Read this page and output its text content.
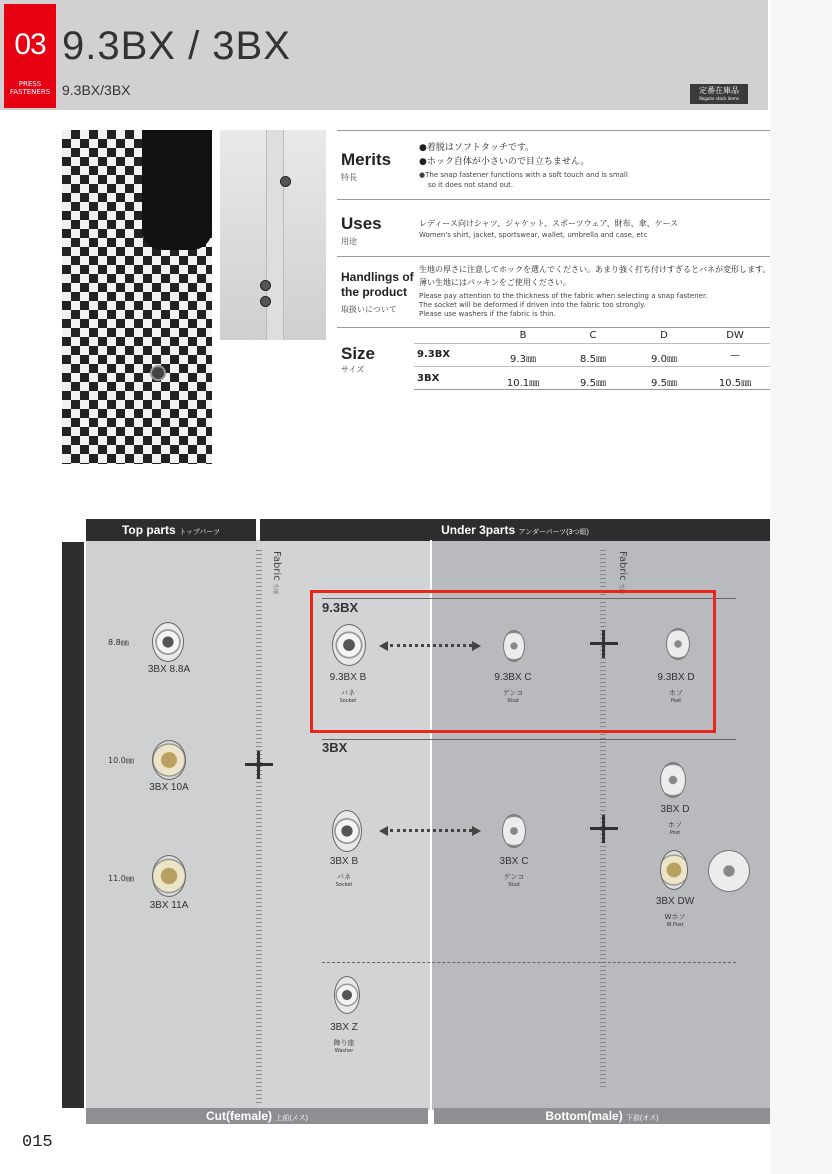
03
PRESS
FASTENERS
9.3BX / 3BX
9.3BX/3BX	定番在庫品
Regular stock items
Merits
特長
●着脱はソフトタッチです。
●ホック自体が小さいので目立ちません。
●The snap fastener functions with a soft touch and is small
so it does not stand out.
Uses
用途
レディース向けシャツ、ジャケット、スポーツウェア、財布、傘、ケース
Women's shirt, jacket, sportswear, wallet, umbrella and case, etc
Handlings of
the product
取扱いについて
生地の厚さに注意してホックを選んでください。あまり強く打ち付けすぎるとバネが変形します。
薄い生地にはパッキンをご使用ください。
Please pay attention to the thickness of the fabric when selecting a snap fastener.
The socket will be deformed if driven into the fabric too strongly.
Please use washers if the fabric is thin.
Size
サイズ
B	C	D	DW
9.3BX	9.3㎜	8.5㎜	9.0㎜	—
3BX	10.1㎜	9.5㎜	9.5㎜	10.5㎜
Top parts トップパーツ	Under 3parts アンダーパーツ(3つ組)
Capped prong キャップ
Fabric 生地
Fabric 生地
9.3BX
3BX
8.8㎜
3BX 8.8A
10.0㎜
3BX 10A
11.0㎜
3BX 11A
9.3BX B
バネ
Socket
9.3BX C
ゲンコ
Stud
9.3BX D
ホソ
Post
3BX B
バネ
Socket
3BX C
ゲンコ
Stud
3BX D
ホソ
Post
3BX DW
Wホソ
W Post
3BX Z
飾り座
Washer
Cut(female) 上前(メス)	Bottom(male) 下前(オス)
015
